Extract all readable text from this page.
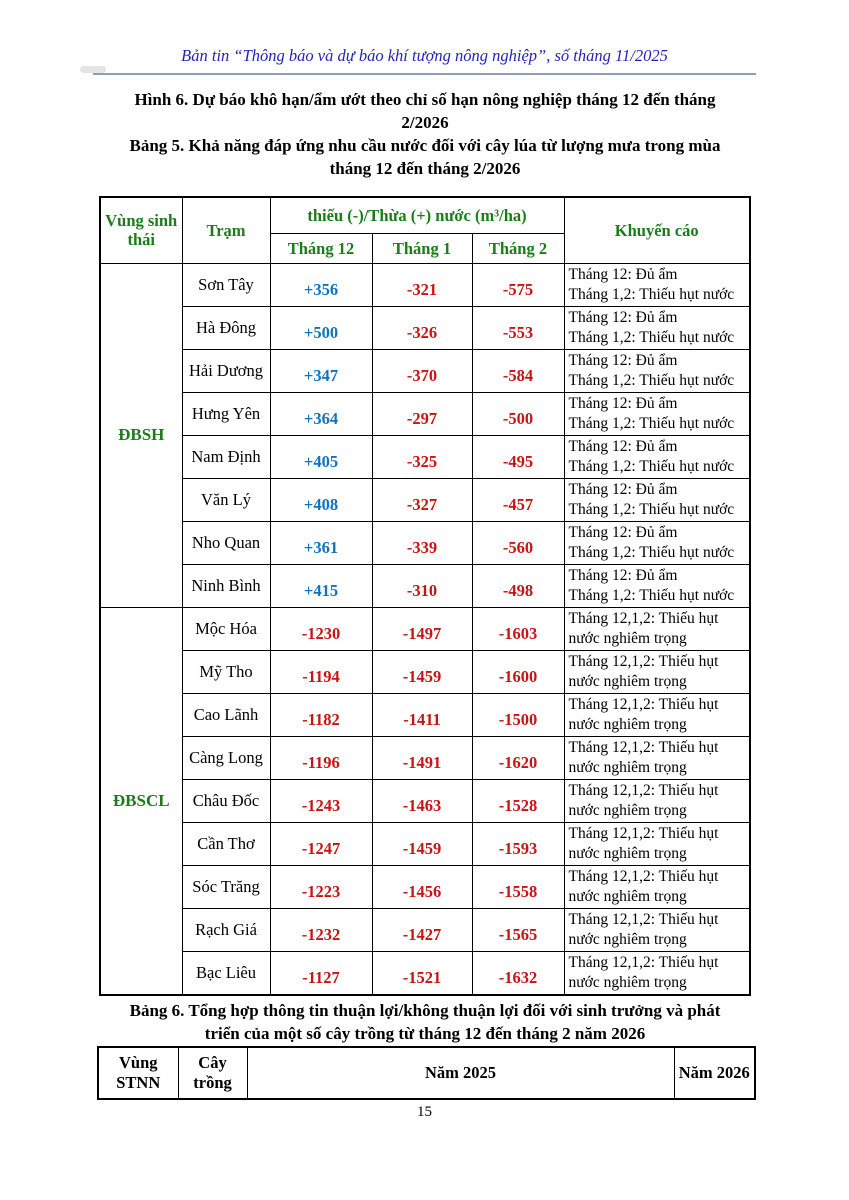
Bản tin “Thông báo và dự báo khí tượng nông nghiệp”, số tháng 11/2025

Hình 6. Dự báo khô hạn/ẩm ướt theo chỉ số hạn nông nghiệp tháng 12 đến tháng
2/2026

Bảng 5. Khả năng đáp ứng nhu cầu nước đối với cây lúa từ lượng mưa trong mùa
tháng 12 đến tháng 2/2026

Vùng sinh thái	Trạm	thiếu (-)/Thừa (+) nước (m³/ha)			Khuyến cáo
		Tháng 12	Tháng 1	Tháng 2	
ĐBSH	Sơn Tây	+356	-321	-575	Tháng 12: Đủ ẩm
Tháng 1,2: Thiếu hụt nước

	Hà Đông	+500	-326	-553	Tháng 12: Đủ ẩm
Tháng 1,2: Thiếu hụt nước

	Hải Dương	+347	-370	-584	Tháng 12: Đủ ẩm
Tháng 1,2: Thiếu hụt nước

	Hưng Yên	+364	-297	-500	Tháng 12: Đủ ẩm
Tháng 1,2: Thiếu hụt nước

	Nam Định	+405	-325	-495	Tháng 12: Đủ ẩm
Tháng 1,2: Thiếu hụt nước

	Văn Lý	+408	-327	-457	Tháng 12: Đủ ẩm
Tháng 1,2: Thiếu hụt nước

	Nho Quan	+361	-339	-560	Tháng 12: Đủ ẩm
Tháng 1,2: Thiếu hụt nước

	Ninh Bình	+415	-310	-498	Tháng 12: Đủ ẩm
Tháng 1,2: Thiếu hụt nước

ĐBSCL	Mộc Hóa	-1230	-1497	-1603	Tháng 12,1,2: Thiếu hụt
nước nghiêm trọng

	Mỹ Tho	-1194	-1459	-1600	Tháng 12,1,2: Thiếu hụt
nước nghiêm trọng

	Cao Lãnh	-1182	-1411	-1500	Tháng 12,1,2: Thiếu hụt
nước nghiêm trọng

	Càng Long	-1196	-1491	-1620	Tháng 12,1,2: Thiếu hụt
nước nghiêm trọng

	Châu Đốc	-1243	-1463	-1528	Tháng 12,1,2: Thiếu hụt
nước nghiêm trọng

	Cần Thơ	-1247	-1459	-1593	Tháng 12,1,2: Thiếu hụt
nước nghiêm trọng

	Sóc Trăng	-1223	-1456	-1558	Tháng 12,1,2: Thiếu hụt
nước nghiêm trọng

	Rạch Giá	-1232	-1427	-1565	Tháng 12,1,2: Thiếu hụt
nước nghiêm trọng

	Bạc Liêu	-1127	-1521	-1632	Tháng 12,1,2: Thiếu hụt
nước nghiêm trọng
Bảng 6. Tổng hợp thông tin thuận lợi/không thuận lợi đối với sinh trưởng và phát
triển của một số cây trồng từ tháng 12 đến tháng 2 năm 2026
Vùng STNN	Cây trồng	Năm 2025	Năm 2026
15
